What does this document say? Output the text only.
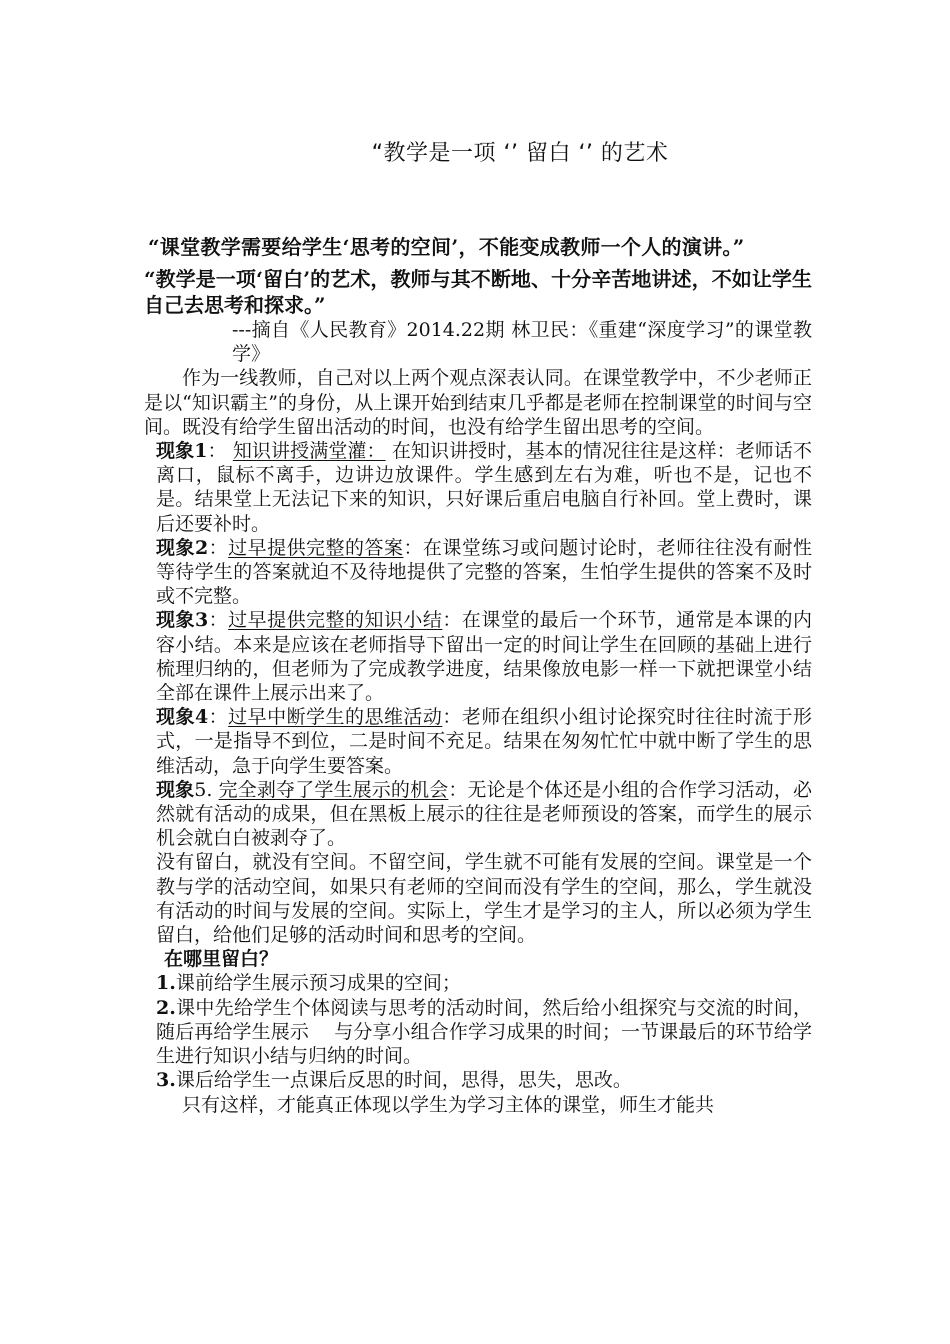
“教学是一项 ‘’ 留白 ‘’ 的艺术

“课堂教学需要给学生‘思考的空间’，不能变成教师一个人的演讲。”

“教学是一项‘留白’的艺术，教师与其不断地、十分辛苦地讲述，不如让学生自己去思考和探求。”

---摘自《人民教育》2014.22期 林卫民：《重建“深度学习”的课堂教学》

作为一线教师，自己对以上两个观点深表认同。在课堂教学中，不少老师正是以“知识霸主”的身份，从上课开始到结束几乎都是老师在控制课堂的时间与空间。既没有给学生留出活动的时间，也没有给学生留出思考的空间。

现象1： 知识讲授满堂灌： 在知识讲授时，基本的情况往往是这样：老师话不离口，鼠标不离手，边讲边放课件。学生感到左右为难，听也不是，记也不是。结果堂上无法记下来的知识，只好课后重启电脑自行补回。堂上费时，课后还要补时。

现象2：过早提供完整的答案：在课堂练习或问题讨论时，老师往往没有耐性等待学生的答案就迫不及待地提供了完整的答案，生怕学生提供的答案不及时或不完整。

现象3：过早提供完整的知识小结：在课堂的最后一个环节，通常是本课的内容小结。本来是应该在老师指导下留出一定的时间让学生在回顾的基础上进行梳理归纳的，但老师为了完成教学进度，结果像放电影一样一下就把课堂小结全部在课件上展示出来了。

现象4：过早中断学生的思维活动：老师在组织小组讨论探究时往往时流于形式，一是指导不到位，二是时间不充足。结果在匆匆忙忙中就中断了学生的思维活动，急于向学生要答案。

现象5. 完全剥夺了学生展示的机会：无论是个体还是小组的合作学习活动，必然就有活动的成果，但在黑板上展示的往往是老师预设的答案，而学生的展示机会就白白被剥夺了。

没有留白，就没有空间。不留空间，学生就不可能有发展的空间。课堂是一个教与学的活动空间，如果只有老师的空间而没有学生的空间，那么，学生就没有活动的时间与发展的空间。实际上，学生才是学习的主人，所以必须为学生留白，给他们足够的活动时间和思考的空间。

在哪里留白？

1.课前给学生展示预习成果的空间；

2.课中先给学生个体阅读与思考的活动时间，然后给小组探究与交流的时间，随后再给学生展示　 与分享小组合作学习成果的时间；一节课最后的环节给学生进行知识小结与归纳的时间。

3.课后给学生一点课后反思的时间，思得，思失，思改。

只有这样，才能真正体现以学生为学习主体的课堂，师生才能共
